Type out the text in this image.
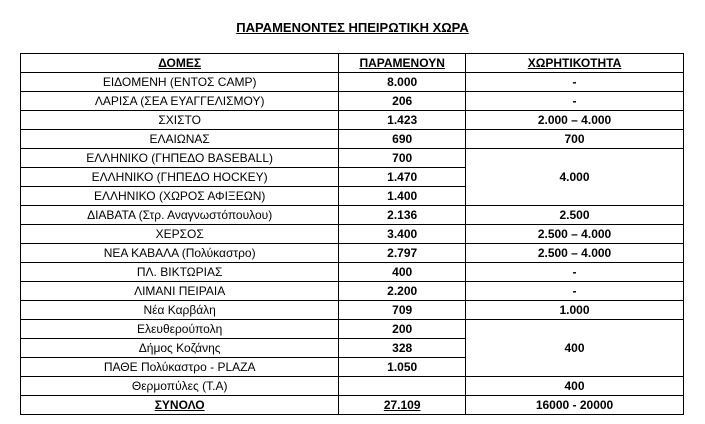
ΠΑΡΑΜΕΝΟΝΤΕΣ ΗΠΕΙΡΩΤΙΚΗ ΧΩΡΑ
ΔΟΜΕΣ	ΠΑΡΑΜΕΝΟΥΝ	ΧΩΡΗΤΙΚΟΤΗΤΑ
ΕΙΔΟΜΕΝΗ (ΕΝΤΟΣ CAMP)	8.000	-
ΛΑΡΙΣΑ (ΣΕΑ ΕΥΑΓΓΕΛΙΣΜΟΥ)	206	-
ΣΧΙΣΤΟ	1.423	2.000 – 4.000
ΕΛΑΙΩΝΑΣ	690	700
ΕΛΛΗΝΙΚΟ (ΓΗΠΕΔΟ BASEBALL)	700	4.000
ΕΛΛΗΝΙΚΟ (ΓΗΠΕΔΟ HOCKEY)	1.470	
ΕΛΛΗΝΙΚΟ (ΧΩΡΟΣ ΑΦΙΞΕΩΝ)	1.400	
ΔΙΑΒΑΤΑ (Στρ. Αναγνωστόπουλου)	2.136	2.500
ΧΕΡΣΟΣ	3.400	2.500 – 4.000
ΝΕΑ ΚΑΒΑΛΑ (Πολύκαστρο)	2.797	2.500 – 4.000
ΠΛ. ΒΙΚΤΩΡΙΑΣ	400	-
ΛΙΜΑΝΙ ΠΕΙΡΑΙΑ	2.200	-
Νέα Καρβάλη	709	1.000
Ελευθερούπολη	200	400
Δήμος Κοζάνης	328	
ΠΑΘΕ Πολύκαστρο - PLAZA	1.050	
Θερμοπύλες (Τ.Α)		400
ΣΥΝΟΛΟ	27.109	16000 - 20000
